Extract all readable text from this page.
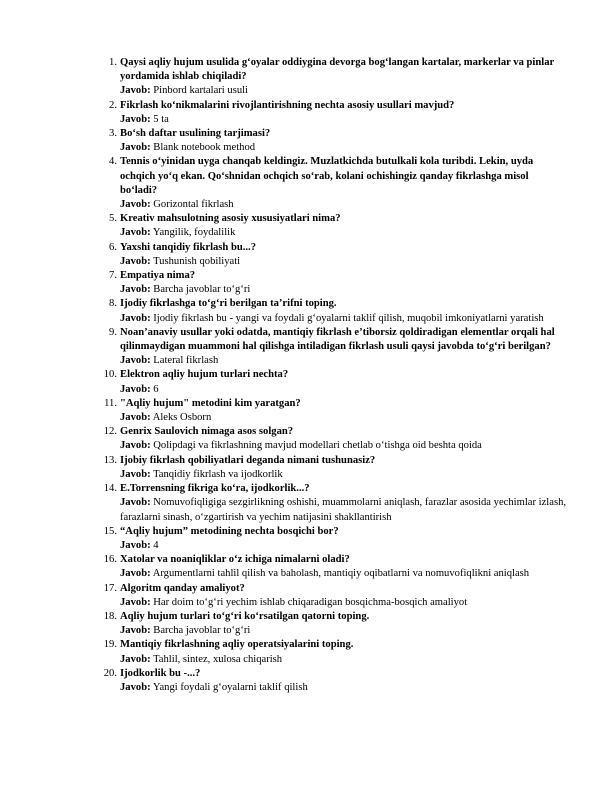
1. Qaysi aqliy hujum usulida g‘oyalar oddiygina devorga bog‘langan kartalar, markerlar va pinlar yordamida ishlab chiqiladi?
Javob: Pinbord kartalari usuli
2. Fikrlash ko‘nikmalarini rivojlantirishning nechta asosiy usullari mavjud?
Javob: 5 ta
3. Bo‘sh daftar usulining tarjimasi?
Javob: Blank notebook method
4. Tennis o‘yinidan uyga chanqab keldingiz. Muzlatkichda butulkali kola turibdi. Lekin, uyda ochqich yo‘q ekan. Qo‘shnidan ochqich so‘rab, kolani ochishingiz qanday fikrlashga misol bo‘ladi?
Javob: Gorizontal fikrlash
5. Kreativ mahsulotning asosiy xususiyatlari nima?
Javob: Yangilik, foydalilik
6. Yaxshi tanqidiy fikrlash bu...?
Javob: Tushunish qobiliyati
7. Empatiya nima?
Javob: Barcha javoblar to‘g‘ri
8. Ijodiy fikrlashga to‘g‘ri berilgan ta’rifni toping.
Javob: Ijodiy fikrlash bu - yangi va foydali g‘oyalarni taklif qilish, muqobil imkoniyatlarni yaratish
9. Noan’anaviy usullar yoki odatda, mantiqiy fikrlash e’tiborsiz qoldiradigan elementlar orqali hal qilinmaydigan muammoni hal qilishga intiladigan fikrlash usuli qaysi javobda to‘g‘ri berilgan?
Javob: Lateral fikrlash
10. Elektron aqliy hujum turlari nechta?
Javob: 6
11. "Aqliy hujum" metodini kim yaratgan?
Javob: Aleks Osborn
12. Genrix Saulovich nimaga asos solgan?
Javob: Qolipdagi va fikrlashning mavjud modellari chetlab o‘tishga oid beshta qoida
13. Ijobiy fikrlash qobiliyatlari deganda nimani tushunasiz?
Javob: Tanqidiy fikrlash va ijodkorlik
14. E.Torrensning fikriga ko‘ra, ijodkorlik...?
Javob: Nomuvofiqligiga sezgirlikning oshishi, muammolarni aniqlash, farazlar asosida yechimlar izlash, farazlarni sinash, o‘zgartirish va yechim natijasini shakllantirish
15. “Aqliy hujum” metodining nechta bosqichi bor?
Javob: 4
16. Xatolar va noaniqliklar o‘z ichiga nimalarni oladi?
Javob: Argumentlarni tahlil qilish va baholash, mantiqiy oqibatlarni va nomuvofiqlikni aniqlash
17. Algoritm qanday amaliyot?
Javob: Har doim to‘g‘ri yechim ishlab chiqaradigan bosqichma-bosqich amaliyot
18. Aqliy hujum turlari to‘g‘ri ko‘rsatilgan qatorni toping.
Javob: Barcha javoblar to‘g‘ri
19. Mantiqiy fikrlashning aqliy operatsiyalarini toping.
Javob: Tahlil, sintez, xulosa chiqarish
20. Ijodkorlik bu -...?
Javob: Yangi foydali g‘oyalarni taklif qilish
